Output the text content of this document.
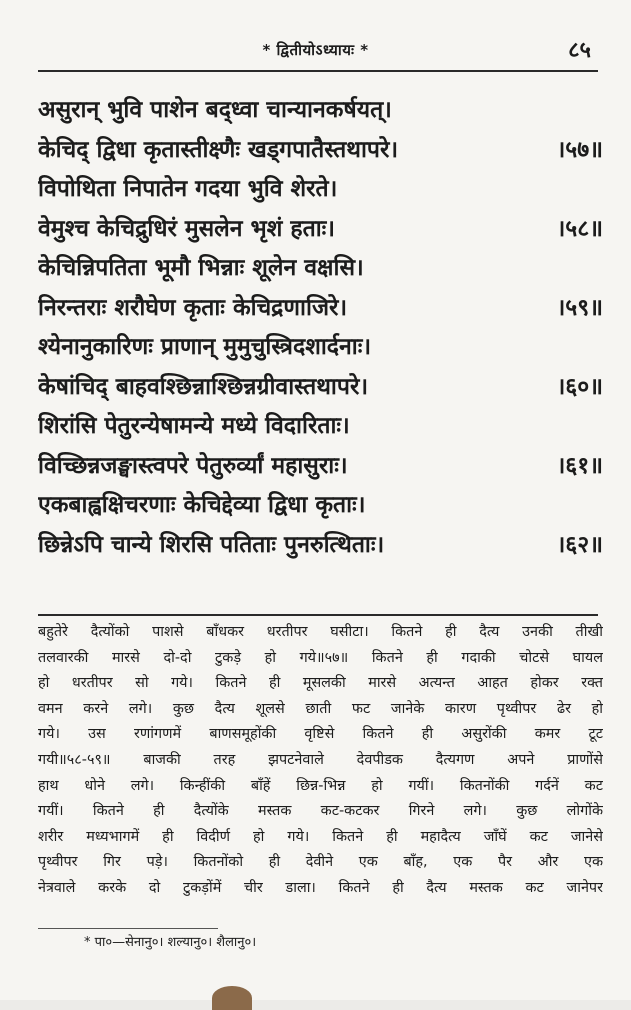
* द्वितीयोऽध्यायः *	८५
असुरान् भुवि पाशेन बद्ध्वा चान्यानकर्षयत्।
केचिद् द्विधा कृतास्तीक्ष्णैः खड्गपातैस्तथापरे।	।५७॥
विपोथिता निपातेन गदया भुवि शेरते।
वेमुश्च केचिद्रुधिरं मुसलेन भृशं हताः।	।५८॥
केचिन्निपतिता भूमौ भिन्नाः शूलेन वक्षसि।
निरन्तराः शरौघेण कृताः केचिद्रणाजिरे।	।५९॥
श्येनानुकारिणः प्राणान् मुमुचुस्त्रिदशार्दनाः।
केषांचिद् बाहवश्छिन्नाश्छिन्नग्रीवास्तथापरे।	।६०॥
शिरांसि पेतुरन्येषामन्ये मध्ये विदारिताः।
विच्छिन्नजङ्घास्त्वपरे पेतुरुर्व्यां महासुराः।	।६१॥
एकबाह्वक्षिचरणाः केचिद्देव्या द्विधा कृताः।
छिन्नेऽपि चान्ये शिरसि पतिताः पुनरुत्थिताः।	।६२॥
बहुतेरे दैत्योंको पाशसे बाँधकर धरतीपर घसीटा। कितने ही दैत्य उनकी तीखी
तलवारकी मारसे दो-दो टुकड़े हो गये॥५७॥ कितने ही गदाकी चोटसे घायल
हो धरतीपर सो गये। कितने ही मूसलकी मारसे अत्यन्त आहत होकर रक्त
वमन करने लगे। कुछ दैत्य शूलसे छाती फट जानेके कारण पृथ्वीपर ढेर हो
गये। उस रणांगणमें बाणसमूहोंकी वृष्टिसे कितने ही असुरोंकी कमर टूट
गयी॥५८-५९॥ बाजकी तरह झपटनेवाले देवपीडक दैत्यगण अपने प्राणोंसे
हाथ धोने लगे। किन्हींकी बाँहें छिन्न-भिन्न हो गयीं। कितनोंकी गर्दनें कट
गयीं। कितने ही दैत्योंके मस्तक कट-कटकर गिरने लगे। कुछ लोगोंके
शरीर मध्यभागमें ही विदीर्ण हो गये। कितने ही महादैत्य जाँघें कट जानेसे
पृथ्वीपर गिर पड़े। कितनोंको ही देवीने एक बाँह, एक पैर और एक
नेत्रवाले करके दो टुकड़ोंमें चीर डाला। कितने ही दैत्य मस्तक कट जानेपर
* पा०—सेनानु०। शल्यानु०। शैलानु०।
